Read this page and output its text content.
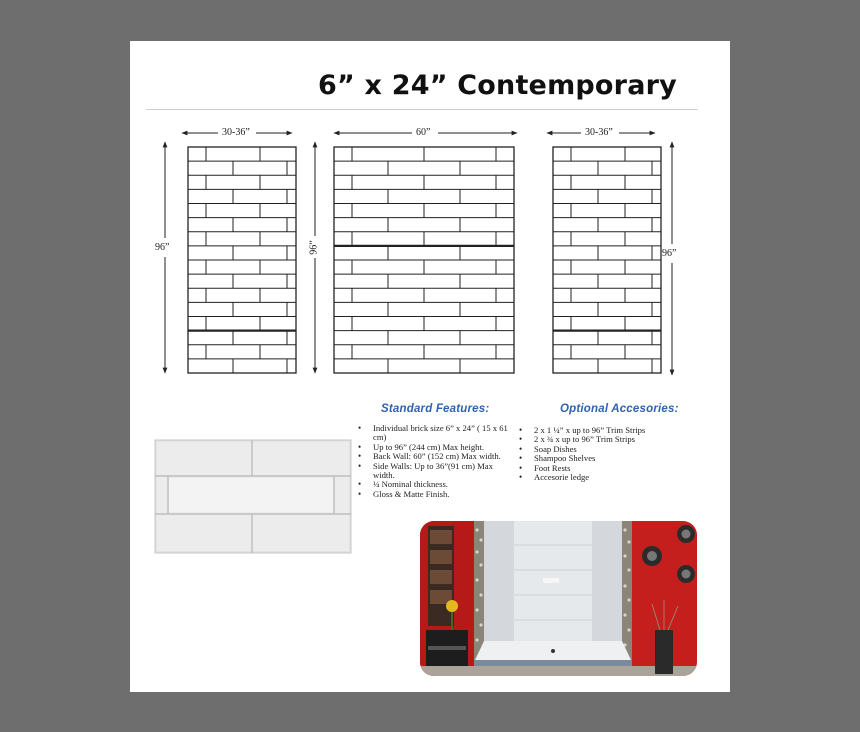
6” x 24” Contemporary
30-36”	60”	30-36”
96”	96”	96”
Standard Features:
• Individual brick size 6” x 24” ( 15 x 61 cm)
• Up to 96” (244 cm) Max height.
• Back Wall: 60” (152 cm) Max width.
• Side Walls: Up to 36”(91 cm) Max width.
• ¼ Nominal thickness.
• Gloss & Matte Finish.
Optional Accesories:
• 2 x 1 ¼” x up to 96” Trim Strips
• 2 x ¾ x up to 96” Trim Strips
• Soap Dishes
• Shampoo Shelves
• Foot Rests
• Accesorie ledge
